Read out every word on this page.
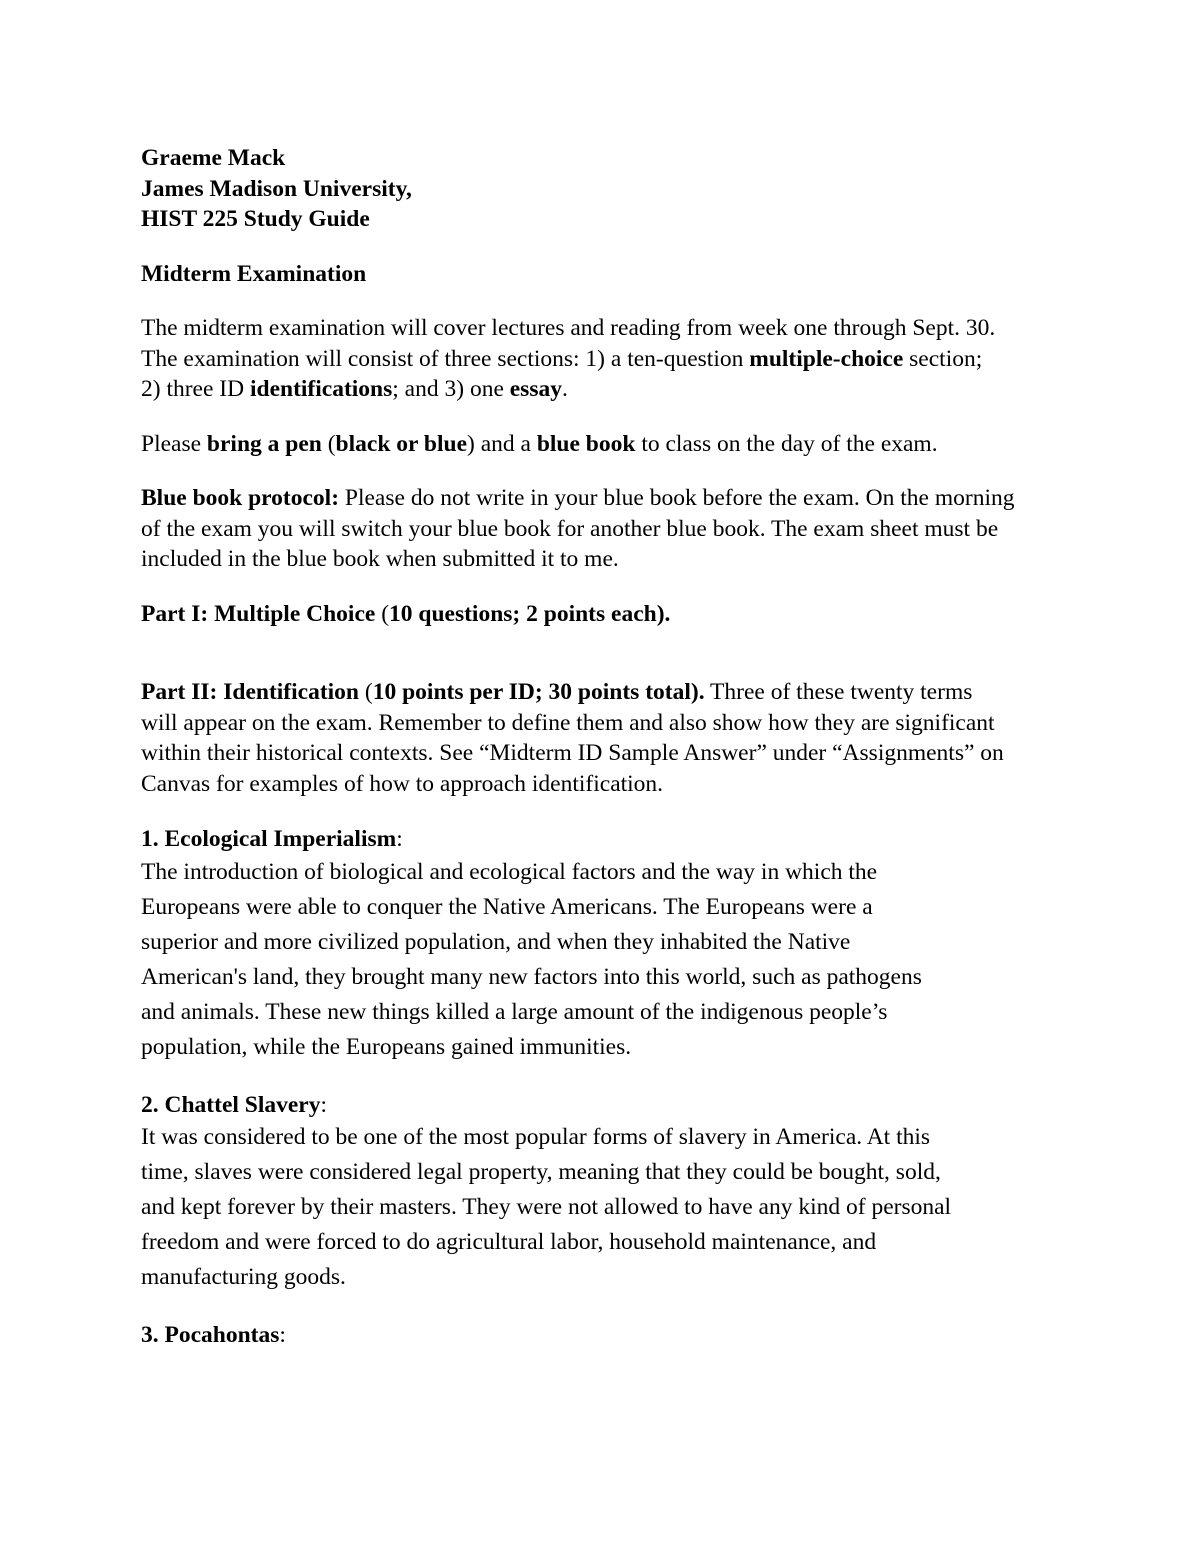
Graeme Mack
James Madison University,
HIST 225 Study Guide
Midterm Examination
The midterm examination will cover lectures and reading from week one through Sept. 30.
The examination will consist of three sections: 1) a ten-question multiple-choice section;
2) three ID identifications; and 3) one essay.
Please bring a pen (black or blue) and a blue book to class on the day of the exam.
Blue book protocol: Please do not write in your blue book before the exam. On the morning
of the exam you will switch your blue book for another blue book. The exam sheet must be
included in the blue book when submitted it to me.
Part I: Multiple Choice (10 questions; 2 points each).
Part II: Identification (10 points per ID; 30 points total). Three of these twenty terms
will appear on the exam. Remember to define them and also show how they are significant
within their historical contexts. See “Midterm ID Sample Answer” under “Assignments” on
Canvas for examples of how to approach identification.
1. Ecological Imperialism:
The introduction of biological and ecological factors and the way in which the
Europeans were able to conquer the Native Americans. The Europeans were a
superior and more civilized population, and when they inhabited the Native
American's land, they brought many new factors into this world, such as pathogens
and animals. These new things killed a large amount of the indigenous people’s
population, while the Europeans gained immunities.
2. Chattel Slavery:
It was considered to be one of the most popular forms of slavery in America. At this
time, slaves were considered legal property, meaning that they could be bought, sold,
and kept forever by their masters. They were not allowed to have any kind of personal
freedom and were forced to do agricultural labor, household maintenance, and
manufacturing goods.
3. Pocahontas:
